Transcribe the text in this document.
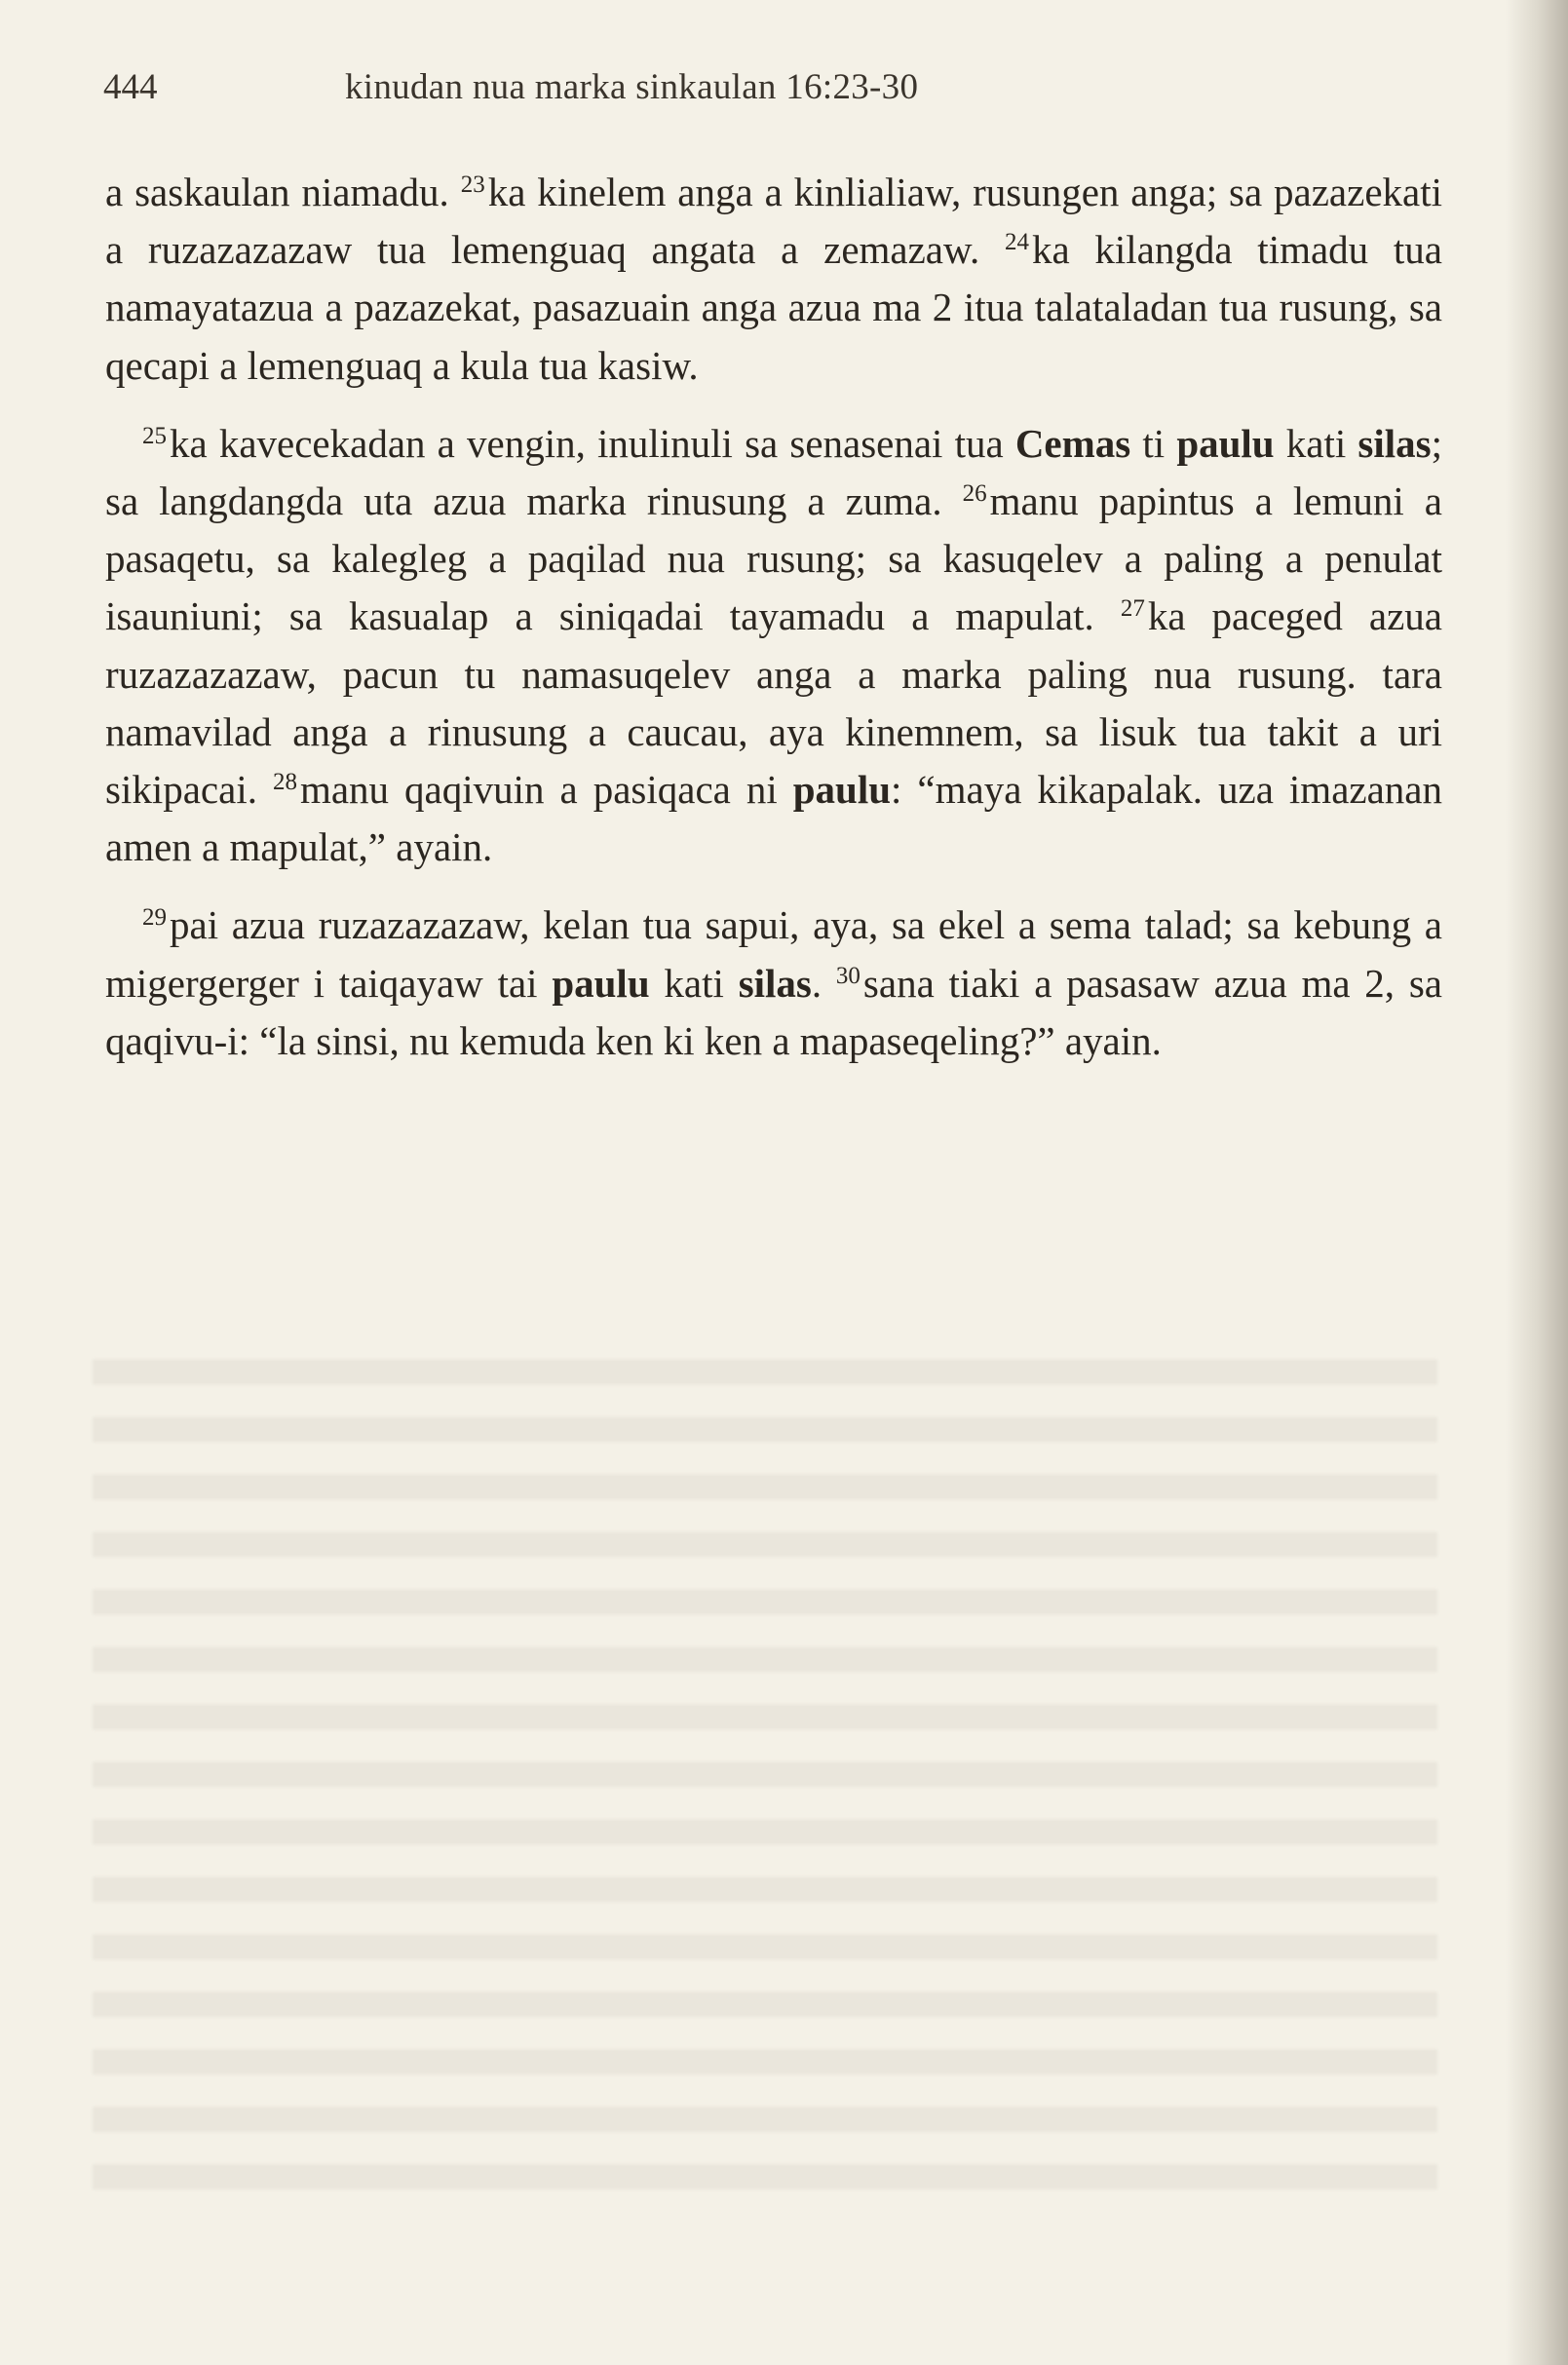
444	kinudan nua marka sinkaulan 16:23-30

a saskaulan niamadu. $^{23}$ka kinelem anga a kinlialiaw, rusungen anga; sa pazazekati a ruzazazazaw tua lemenguaq angata a zemazaw. $^{24}$ka kilangda timadu tua namayatazua a pazazekat, pasazuain anga azua ma 2 itua talataladan tua rusung, sa qecapi a lemenguaq a kula tua kasiw.

$^{25}$ka kavecekadan a vengin, inulinuli sa senasenai tua Cemas ti paulu kati silas; sa langdangda uta azua marka rinusung a zuma. $^{26}$manu papintus a lemuni a pasaqetu, sa kalegleg a paqilad nua rusung; sa kasuqelev a paling a penulat isauniuni; sa kasualap a siniqadai tayamadu a mapulat. $^{27}$ka paceged azua ruzazazazaw, pacun tu namasuqelev anga a marka paling nua rusung. tara namavilad anga a rinusung a caucau, aya kinemnem, sa lisuk tua takit a uri sikipacai. $^{28}$manu qaqivuin a pasiqaca ni paulu: “maya kikapalak. uza imazanan amen a mapulat,” ayain.

$^{29}$pai azua ruzazazazaw, kelan tua sapui, aya, sa ekel a sema talad; sa kebung a migergerger i taiqayaw tai paulu kati silas. $^{30}$sana tiaki a pasasaw azua ma 2, sa qaqivu-i: “la sinsi, nu kemuda ken ki ken a mapaseqeling?” ayain.
